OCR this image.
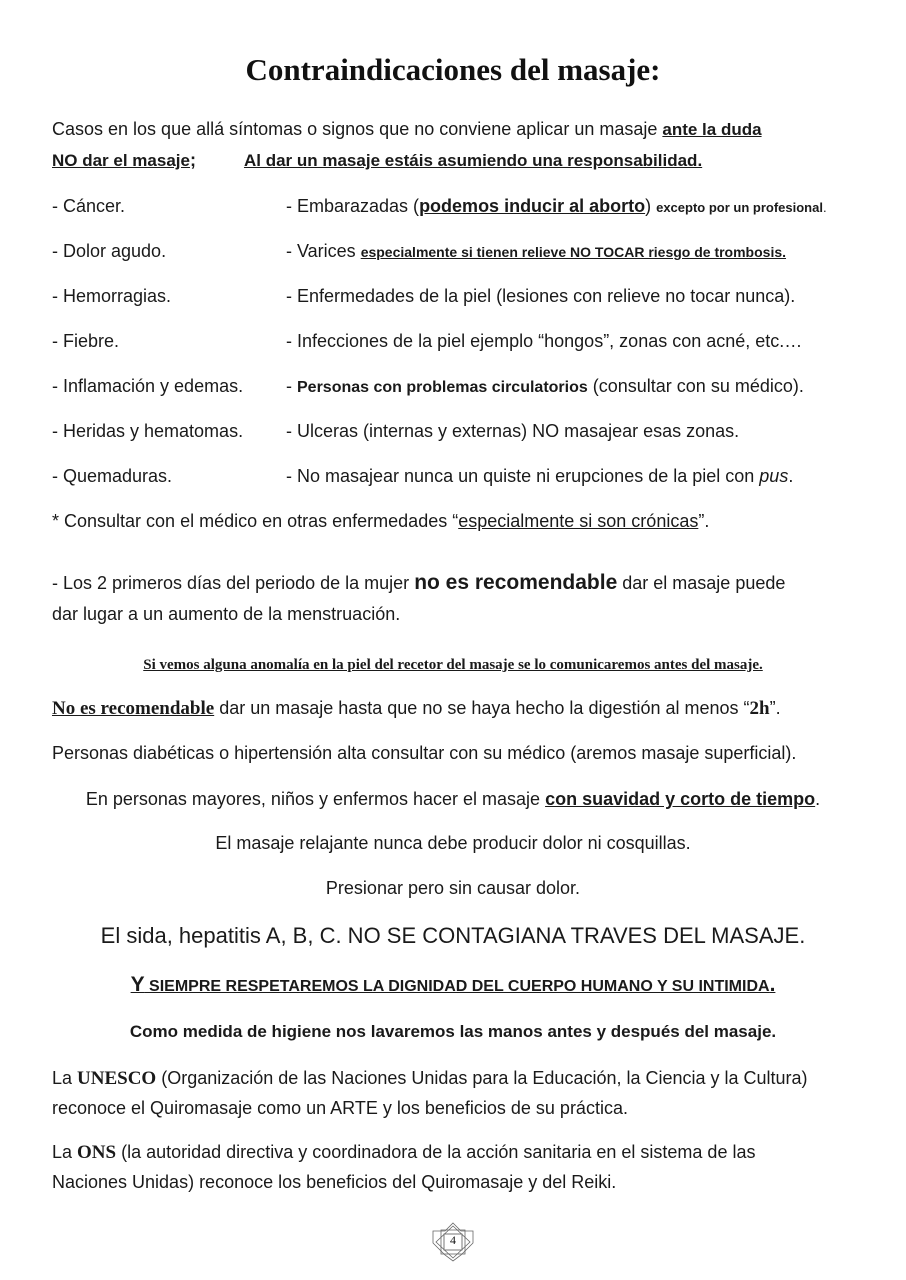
Contraindicaciones del masaje:
Casos en los que allá síntomas o signos que no conviene aplicar un masaje ante la duda
NO dar el masaje;	Al dar un masaje estáis asumiendo una responsabilidad.
- Cáncer.
- Dolor agudo.
- Hemorragias.
- Fiebre.
- Inflamación y edemas.
- Heridas y hematomas.
- Quemaduras.
- Embarazadas (podemos inducir al aborto) excepto por un profesional.
- Varices especialmente si tienen relieve NO TOCAR riesgo de trombosis.
- Enfermedades de la piel (lesiones con relieve no tocar nunca).
- Infecciones de la piel ejemplo “hongos”, zonas con acné, etc.…
- Personas con problemas circulatorios (consultar con su médico).
- Ulceras (internas y externas) NO masajear esas zonas.
- No masajear nunca un quiste ni erupciones de la piel con pus.
* Consultar con el médico en otras enfermedades “especialmente si son crónicas”.
- Los 2 primeros días del periodo de la mujer no es recomendable dar el masaje puede
dar lugar a un aumento de la menstruación.
Si vemos alguna anomalía en la piel del recetor del masaje se lo comunicaremos antes del masaje.
No es recomendable dar un masaje hasta que no se haya hecho la digestión al menos “2h”.
Personas diabéticas o hipertensión alta consultar con su médico (aremos masaje superficial).
En personas mayores, niños y enfermos hacer el masaje con suavidad y corto de tiempo.
El masaje relajante nunca debe producir dolor ni cosquillas.
Presionar pero sin causar dolor.
El sida, hepatitis A, B, C. NO SE CONTAGIANA TRAVES DEL MASAJE.
Y SIEMPRE RESPETAREMOS LA DIGNIDAD DEL CUERPO HUMANO Y SU INTIMIDA.
Como medida de higiene nos lavaremos las manos antes y después del masaje.
La UNESCO (Organización de las Naciones Unidas para la Educación, la Ciencia y la Cultura)
reconoce el Quiromasaje como un ARTE y los beneficios de su práctica.
La ONS (la autoridad directiva y coordinadora de la acción sanitaria en el sistema de las
Naciones Unidas) reconoce los beneficios del Quiromasaje y del Reiki.
4
